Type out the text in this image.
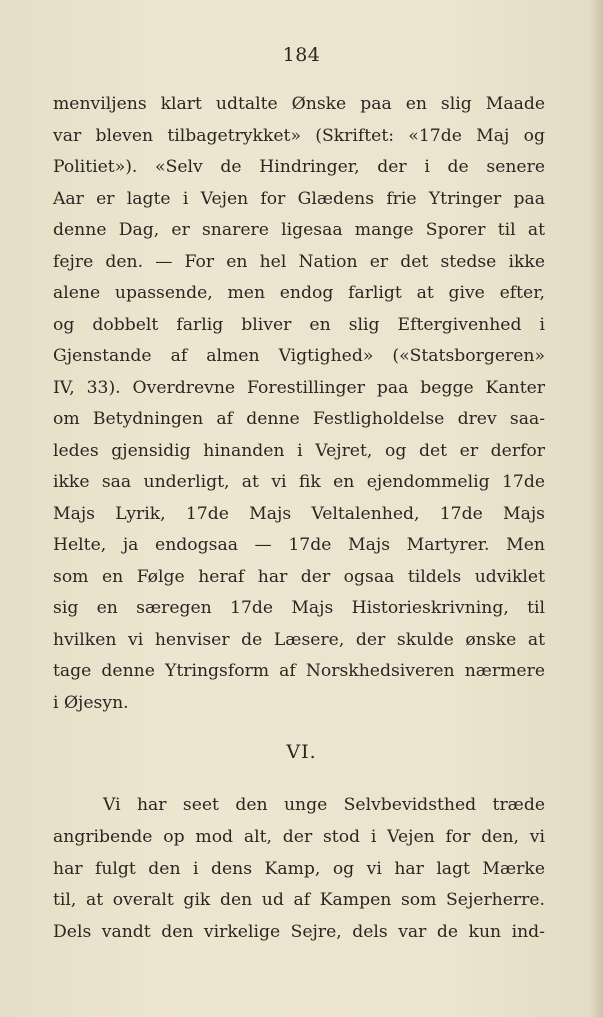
184
menviljens klart udtalte Ønske paa en slig Maade
var bleven tilbagetrykket» (Skriftet: «17de Maj og
Politiet»). «Selv de Hindringer, der i de senere
Aar er lagte i Vejen for Glædens frie Ytringer paa
denne Dag, er snarere ligesaa mange Sporer til at
fejre den. — For en hel Nation er det stedse ikke
alene upassende, men endog farligt at give efter,
og dobbelt farlig bliver en slig Eftergivenhed i
Gjenstande af almen Vigtighed» («Statsborgeren»
IV, 33). Overdrevne Forestillinger paa begge Kanter
om Betydningen af denne Festligholdelse drev saa-
ledes gjensidig hinanden i Vejret, og det er derfor
ikke saa underligt, at vi fik en ejendommelig 17de
Majs Lyrik, 17de Majs Veltalenhed, 17de Majs
Helte, ja endogsaa — 17de Majs Martyrer. Men
som en Følge heraf har der ogsaa tildels udviklet
sig en særegen 17de Majs Historieskrivning, til
hvilken vi henviser de Læsere, der skulde ønske at
tage denne Ytringsform af Norskhedsiveren nærmere
i Øjesyn.
VI.
Vi har seet den unge Selvbevidsthed træde
angribende op mod alt, der stod i Vejen for den, vi
har fulgt den i dens Kamp, og vi har lagt Mærke
til, at overalt gik den ud af Kampen som Sejerherre.
Dels vandt den virkelige Sejre, dels var de kun ind-
